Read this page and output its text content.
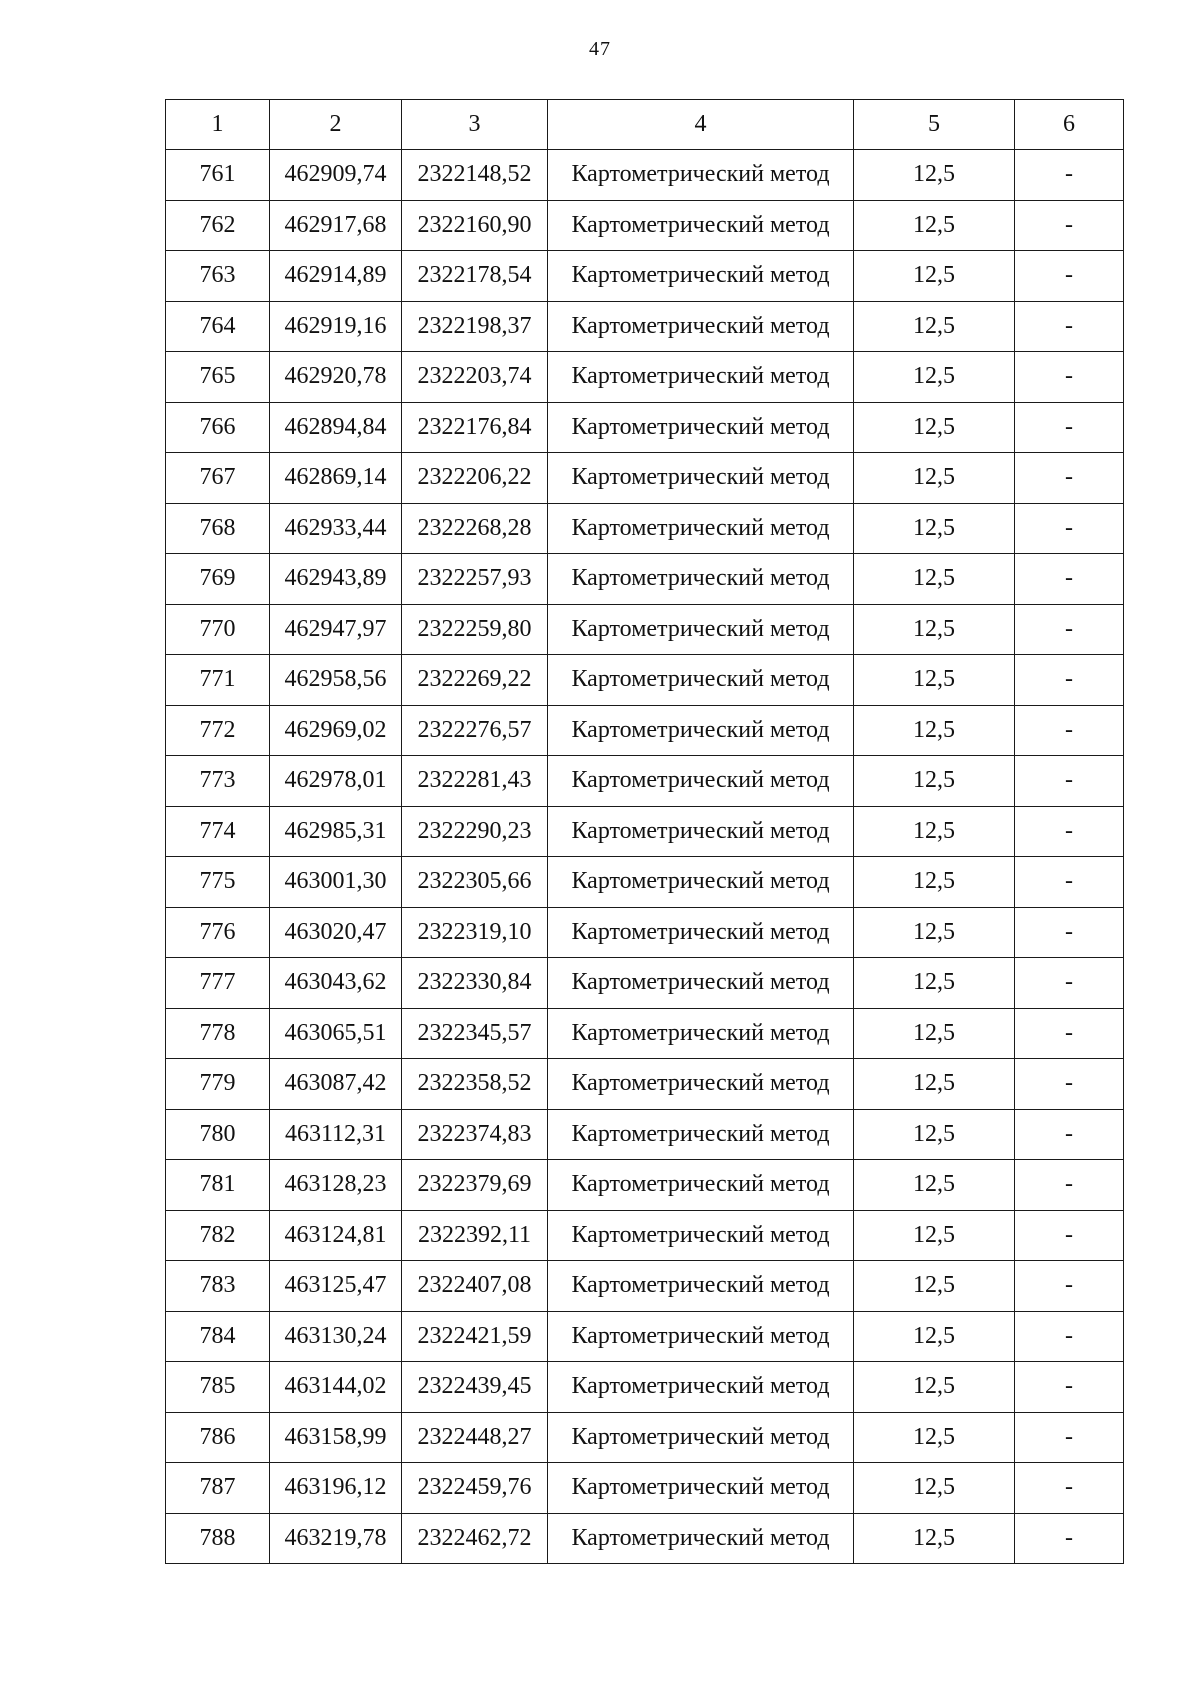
47
1	2	3	4	5	6
761	462909,74	2322148,52	Картометрический метод	12,5	-
762	462917,68	2322160,90	Картометрический метод	12,5	-
763	462914,89	2322178,54	Картометрический метод	12,5	-
764	462919,16	2322198,37	Картометрический метод	12,5	-
765	462920,78	2322203,74	Картометрический метод	12,5	-
766	462894,84	2322176,84	Картометрический метод	12,5	-
767	462869,14	2322206,22	Картометрический метод	12,5	-
768	462933,44	2322268,28	Картометрический метод	12,5	-
769	462943,89	2322257,93	Картометрический метод	12,5	-
770	462947,97	2322259,80	Картометрический метод	12,5	-
771	462958,56	2322269,22	Картометрический метод	12,5	-
772	462969,02	2322276,57	Картометрический метод	12,5	-
773	462978,01	2322281,43	Картометрический метод	12,5	-
774	462985,31	2322290,23	Картометрический метод	12,5	-
775	463001,30	2322305,66	Картометрический метод	12,5	-
776	463020,47	2322319,10	Картометрический метод	12,5	-
777	463043,62	2322330,84	Картометрический метод	12,5	-
778	463065,51	2322345,57	Картометрический метод	12,5	-
779	463087,42	2322358,52	Картометрический метод	12,5	-
780	463112,31	2322374,83	Картометрический метод	12,5	-
781	463128,23	2322379,69	Картометрический метод	12,5	-
782	463124,81	2322392,11	Картометрический метод	12,5	-
783	463125,47	2322407,08	Картометрический метод	12,5	-
784	463130,24	2322421,59	Картометрический метод	12,5	-
785	463144,02	2322439,45	Картометрический метод	12,5	-
786	463158,99	2322448,27	Картометрический метод	12,5	-
787	463196,12	2322459,76	Картометрический метод	12,5	-
788	463219,78	2322462,72	Картометрический метод	12,5	-
